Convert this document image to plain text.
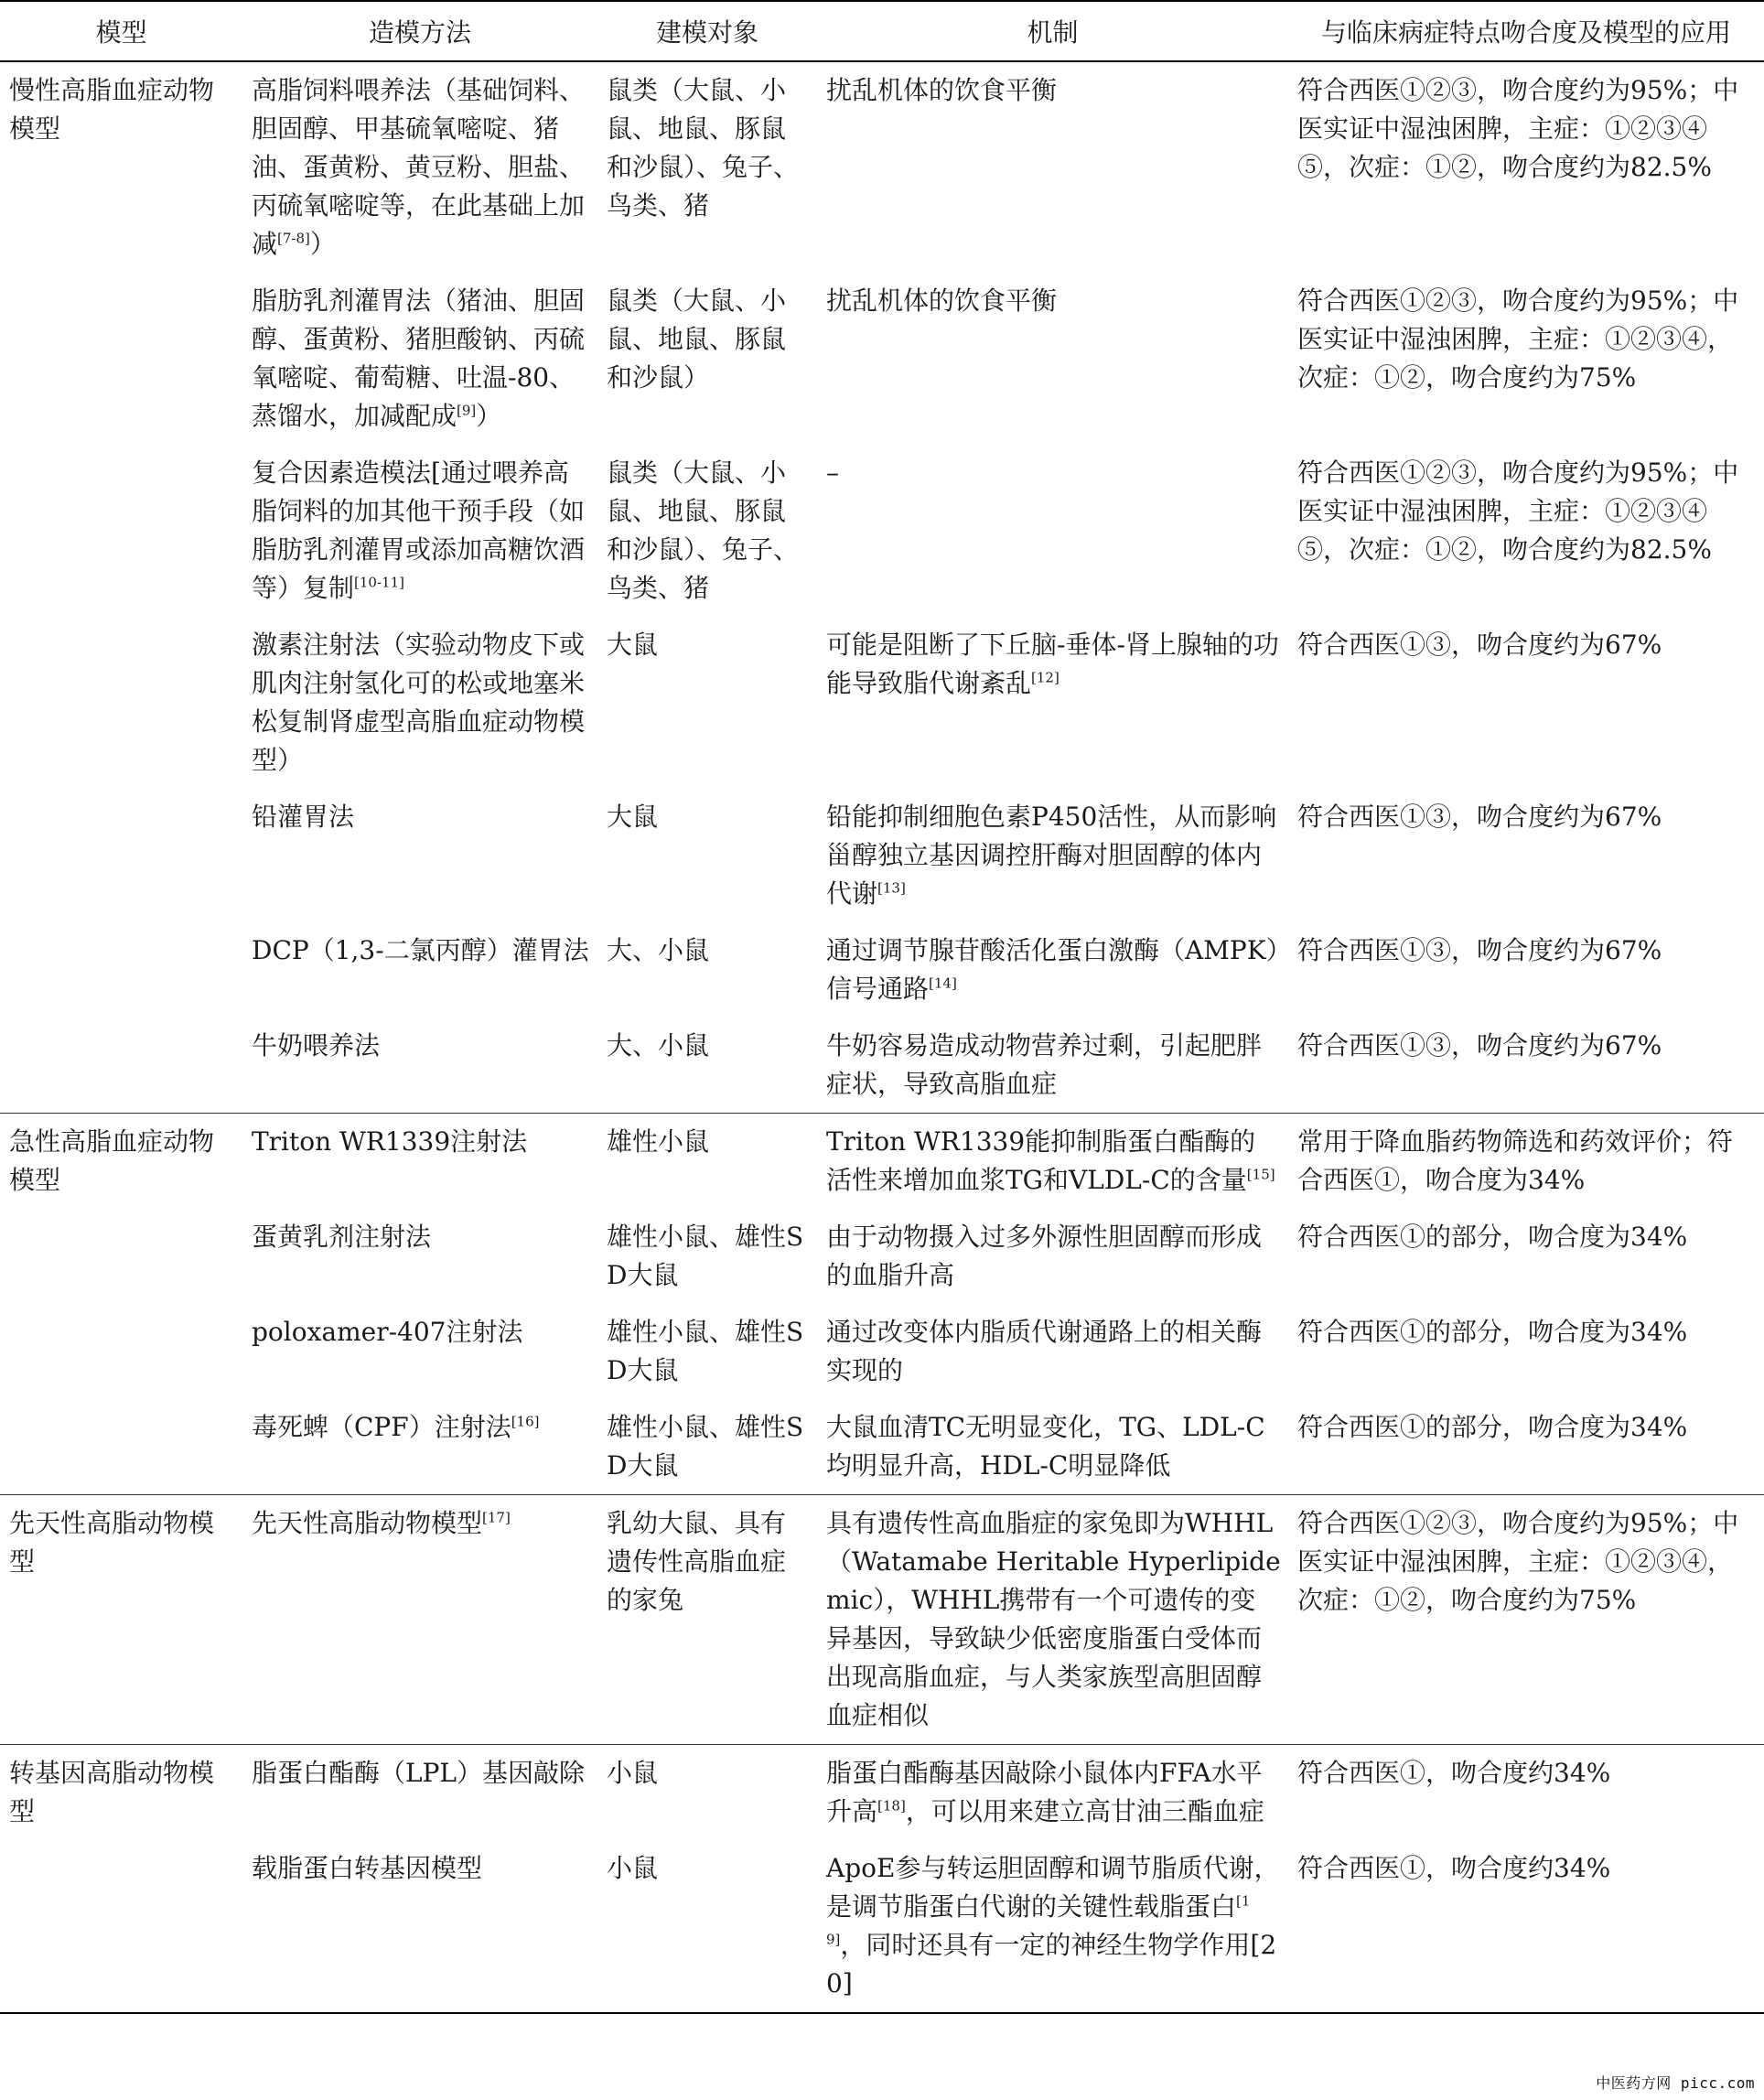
模型	造模方法	建模对象	机制	与临床病症特点吻合度及模型的应用
慢性高脂血症动物模型	高脂饲料喂养法（基础饲料、胆固醇、甲基硫氧嘧啶、猪油、蛋黄粉、黄豆粉、胆盐、丙硫氧嘧啶等，在此基础上加减[7-8]）	鼠类（大鼠、小鼠、地鼠、豚鼠和沙鼠）、兔子、鸟类、猪	扰乱机体的饮食平衡	符合西医①②③，吻合度约为95%；中医实证中湿浊困脾，主症：①②③④⑤，次症：①②，吻合度约为82.5%
	脂肪乳剂灌胃法（猪油、胆固醇、蛋黄粉、猪胆酸钠、丙硫氧嘧啶、葡萄糖、吐温-80、蒸馏水，加减配成[9]）	鼠类（大鼠、小鼠、地鼠、豚鼠和沙鼠）	扰乱机体的饮食平衡	符合西医①②③，吻合度约为95%；中医实证中湿浊困脾，主症：①②③④，次症：①②，吻合度约为75%
	复合因素造模法[通过喂养高脂饲料的加其他干预手段（如脂肪乳剂灌胃或添加高糖饮酒等）复制[10-11]	鼠类（大鼠、小鼠、地鼠、豚鼠和沙鼠）、兔子、鸟类、猪	–	符合西医①②③，吻合度约为95%；中医实证中湿浊困脾，主症：①②③④⑤，次症：①②，吻合度约为82.5%
	激素注射法（实验动物皮下或肌肉注射氢化可的松或地塞米松复制肾虚型高脂血症动物模型）	大鼠	可能是阻断了下丘脑-垂体-肾上腺轴的功能导致脂代谢紊乱[12]	符合西医①③，吻合度约为67%
	铅灌胃法	大鼠	铅能抑制细胞色素P450活性，从而影响甾醇独立基因调控肝酶对胆固醇的体内代谢[13]	符合西医①③，吻合度约为67%
	DCP（1,3-二氯丙醇）灌胃法	大、小鼠	通过调节腺苷酸活化蛋白激酶（AMPK）信号通路[14]	符合西医①③，吻合度约为67%
	牛奶喂养法	大、小鼠	牛奶容易造成动物营养过剩，引起肥胖症状，导致高脂血症	符合西医①③，吻合度约为67%
急性高脂血症动物模型	Triton WR1339注射法	雄性小鼠	Triton WR1339能抑制脂蛋白酯酶的活性来增加血浆TG和VLDL-C的含量[15]	常用于降血脂药物筛选和药效评价；符合西医①，吻合度为34%
	蛋黄乳剂注射法	雄性小鼠、雄性SD大鼠	由于动物摄入过多外源性胆固醇而形成的血脂升高	符合西医①的部分，吻合度为34%
	poloxamer-407注射法	雄性小鼠、雄性SD大鼠	通过改变体内脂质代谢通路上的相关酶实现的	符合西医①的部分，吻合度为34%
	毒死蜱（CPF）注射法[16]	雄性小鼠、雄性SD大鼠	大鼠血清TC无明显变化，TG、LDL-C均明显升高，HDL-C明显降低	符合西医①的部分，吻合度为34%
先天性高脂动物模型	先天性高脂动物模型[17]	乳幼大鼠、具有遗传性高脂血症的家兔	具有遗传性高血脂症的家兔即为WHHL（Watamabe Heritable Hyperlipidemic），WHHL携带有一个可遗传的变异基因，导致缺少低密度脂蛋白受体而出现高脂血症，与人类家族型高胆固醇血症相似	符合西医①②③，吻合度约为95%；中医实证中湿浊困脾，主症：①②③④，次症：①②，吻合度约为75%
转基因高脂动物模型	脂蛋白酯酶（LPL）基因敲除	小鼠	脂蛋白酯酶基因敲除小鼠体内FFA水平升高[18]，可以用来建立高甘油三酯血症	符合西医①，吻合度约34%
	载脂蛋白转基因模型	小鼠	ApoE参与转运胆固醇和调节脂质代谢，是调节脂蛋白代谢的关键性载脂蛋白[19]，同时还具有一定的神经生物学作用[20]	符合西医①，吻合度约34%
中医药方网 picc.com
